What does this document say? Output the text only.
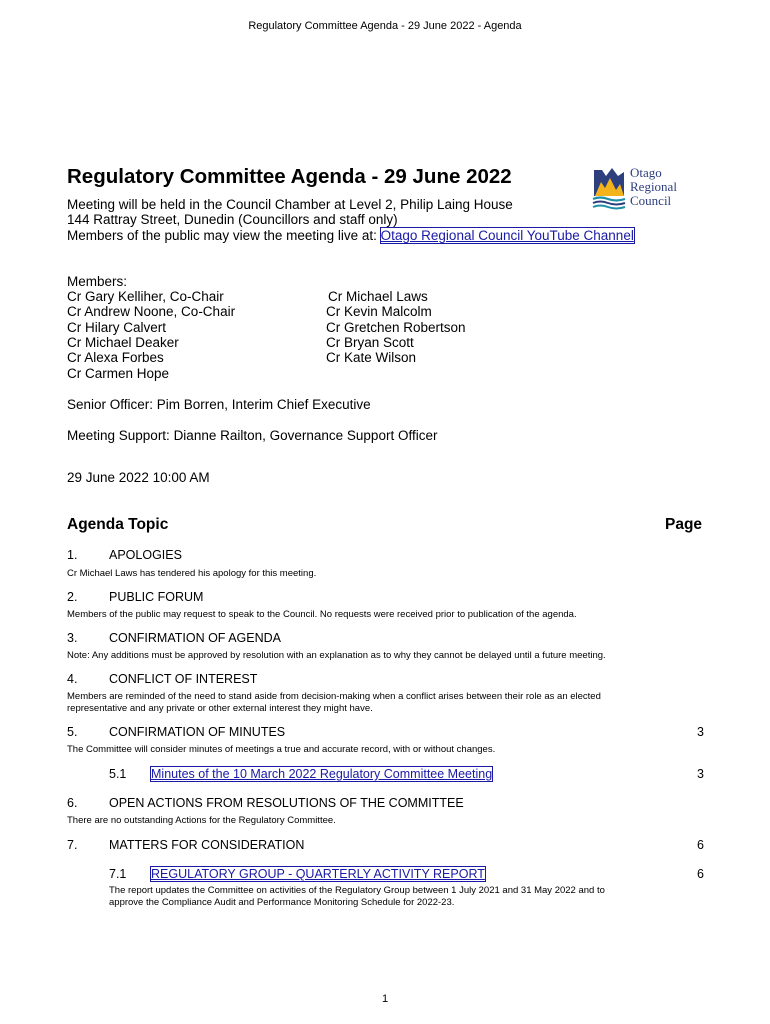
Regulatory Committee Agenda - 29 June 2022 - Agenda
Regulatory Committee Agenda - 29 June 2022	Otago
Regional
Council
Meeting will be held in the Council Chamber at Level 2, Philip Laing House
144 Rattray Street, Dunedin (Councillors and staff only)
Members of the public may view the meeting live at: Otago Regional Council YouTube Channel
Members:
Cr Gary Kelliher, Co-Chair
Cr Andrew Noone, Co-Chair
Cr Hilary Calvert
Cr Michael Deaker
Cr Alexa Forbes
Cr Carmen Hope
Cr Michael Laws
Cr Kevin Malcolm
Cr Gretchen Robertson
Cr Bryan Scott
Cr Kate Wilson
Senior Officer: Pim Borren, Interim Chief Executive
Meeting Support: Dianne Railton, Governance Support Officer
29 June 2022 10:00 AM
Agenda Topic	Page
1.	APOLOGIES
Cr Michael Laws has tendered his apology for this meeting.
2.	PUBLIC FORUM
Members of the public may request to speak to the Council. No requests were received prior to publication of the agenda.
3.	CONFIRMATION OF AGENDA
Note: Any additions must be approved by resolution with an explanation as to why they cannot be delayed until a future meeting.
4.	CONFLICT OF INTEREST
Members are reminded of the need to stand aside from decision-making when a conflict arises between their role as an elected
representative and any private or other external interest they might have.
5.	CONFIRMATION OF MINUTES	3
The Committee will consider minutes of meetings a true and accurate record, with or without changes.
5.1 Minutes of the 10 March 2022 Regulatory Committee Meeting	3
6.	OPEN ACTIONS FROM RESOLUTIONS OF THE COMMITTEE
There are no outstanding Actions for the Regulatory Committee.
7.	MATTERS FOR CONSIDERATION	6
7.1 REGULATORY GROUP - QUARTERLY ACTIVITY REPORT	6
The report updates the Committee on activities of the Regulatory Group between 1 July 2021 and 31 May 2022 and to
approve the Compliance Audit and Performance Monitoring Schedule for 2022-23.
1
